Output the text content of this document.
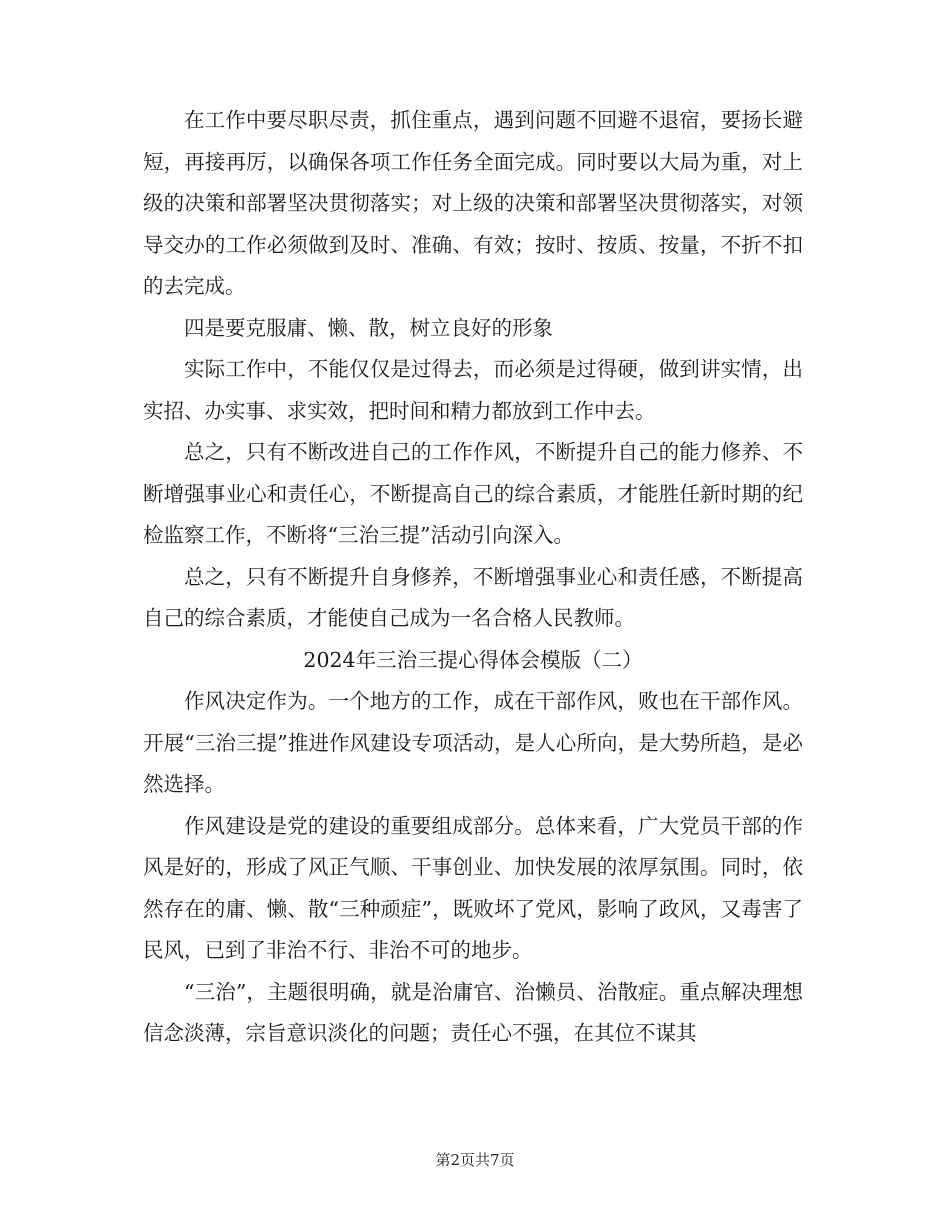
在工作中要尽职尽责，抓住重点，遇到问题不回避不退宿，要扬长避短，再接再厉，以确保各项工作任务全面完成。同时要以大局为重，对上级的决策和部署坚决贯彻落实；对上级的决策和部署坚决贯彻落实，对领导交办的工作必须做到及时、准确、有效；按时、按质、按量，不折不扣的去完成。

四是要克服庸、懒、散，树立良好的形象

实际工作中，不能仅仅是过得去，而必须是过得硬，做到讲实情，出实招、办实事、求实效，把时间和精力都放到工作中去。

总之，只有不断改进自己的工作作风，不断提升自己的能力修养、不断增强事业心和责任心，不断提高自己的综合素质，才能胜任新时期的纪检监察工作，不断将“三治三提”活动引向深入。

总之，只有不断提升自身修养，不断增强事业心和责任感，不断提高自己的综合素质，才能使自己成为一名合格人民教师。

2024年三治三提心得体会模版（二）

作风决定作为。一个地方的工作，成在干部作风，败也在干部作风。开展“三治三提”推进作风建设专项活动，是人心所向，是大势所趋，是必然选择。

作风建设是党的建设的重要组成部分。总体来看，广大党员干部的作风是好的，形成了风正气顺、干事创业、加快发展的浓厚氛围。同时，依然存在的庸、懒、散“三种顽症”，既败坏了党风，影响了政风，又毒害了民风，已到了非治不行、非治不可的地步。

“三治”，主题很明确，就是治庸官、治懒员、治散症。重点解决理想信念淡薄，宗旨意识淡化的问题；责任心不强，在其位不谋其

第2页共7页
